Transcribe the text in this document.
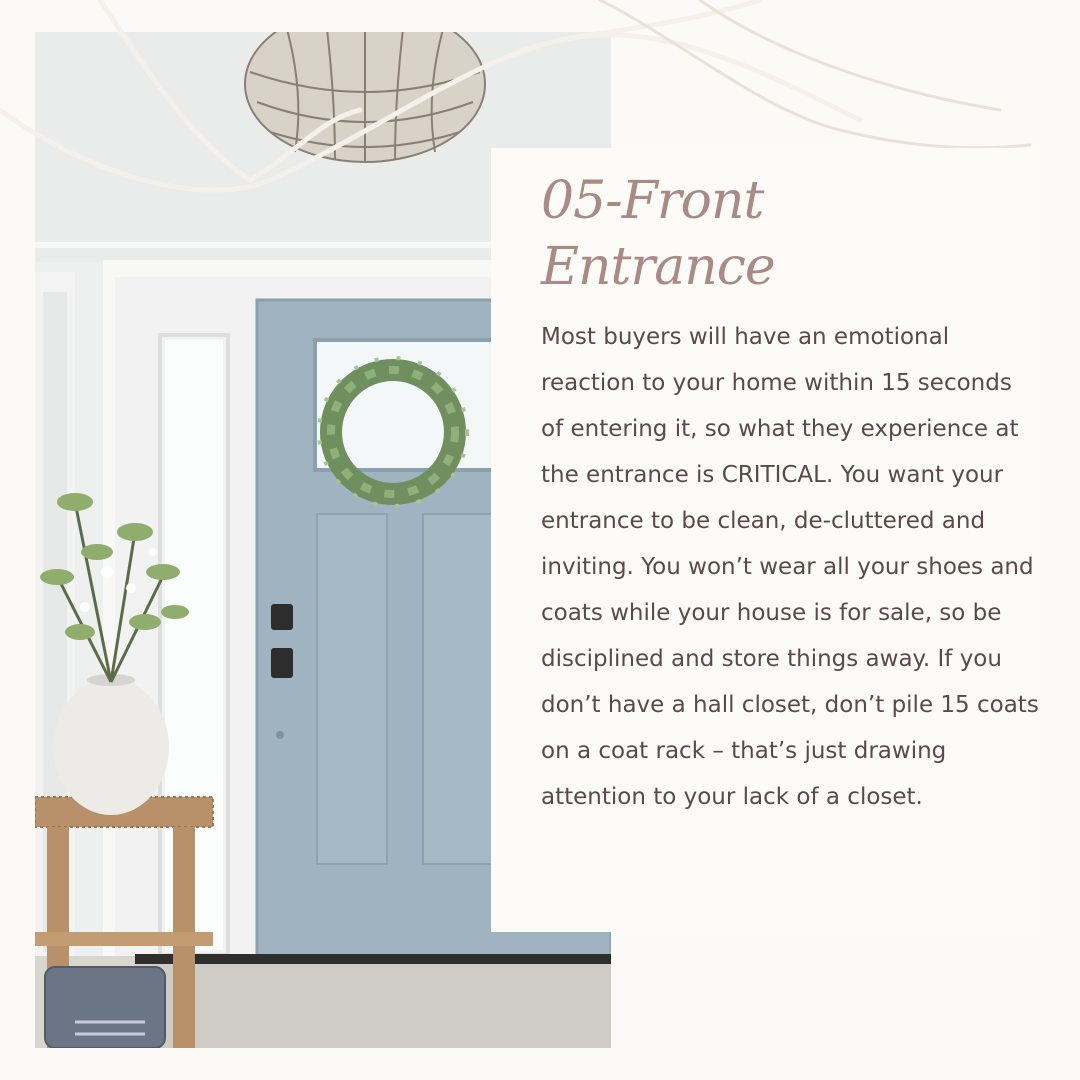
05-Front
Entrance

Most buyers will have an emotional reaction to your home within 15 seconds of entering it, so what they experience at the entrance is CRITICAL. You want your entrance to be clean, de-cluttered and inviting. You won’t wear all your shoes and coats while your house is for sale, so be disciplined and store things away. If you don’t have a hall closet, don’t pile 15 coats on a coat rack – that’s just drawing attention to your lack of a closet.
